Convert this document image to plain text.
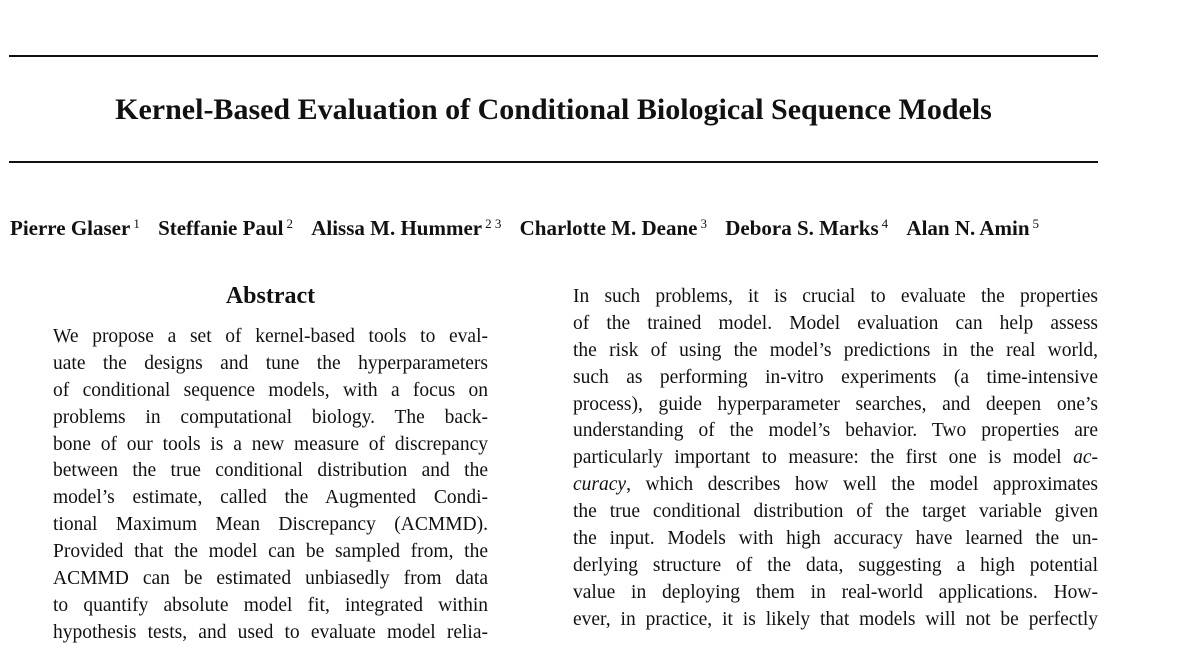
Kernel-Based Evaluation of Conditional Biological Sequence Models
Pierre Glaser $^1$ Steffanie Paul $^2$ Alissa M. Hummer $^{2 3}$ Charlotte M. Deane $^3$ Debora S. Marks $^4$ Alan N. Amin $^5$
Abstract
We propose a set of kernel-based tools to eval-
uate the designs and tune the hyperparameters
of conditional sequence models, with a focus on
problems in computational biology. The back-
bone of our tools is a new measure of discrepancy
between the true conditional distribution and the
model’s estimate, called the Augmented Condi-
tional Maximum Mean Discrepancy (ACMMD).
Provided that the model can be sampled from, the
ACMMD can be estimated unbiasedly from data
to quantify absolute model fit, integrated within
hypothesis tests, and used to evaluate model relia-
In such problems, it is crucial to evaluate the properties
of the trained model. Model evaluation can help assess
the risk of using the model’s predictions in the real world,
such as performing in-vitro experiments (a time-intensive
process), guide hyperparameter searches, and deepen one’s
understanding of the model’s behavior. Two properties are
particularly important to measure: the first one is model ac-
curacy, which describes how well the model approximates
the true conditional distribution of the target variable given
the input. Models with high accuracy have learned the un-
derlying structure of the data, suggesting a high potential
value in deploying them in real-world applications. How-
ever, in practice, it is likely that models will not be perfectly
